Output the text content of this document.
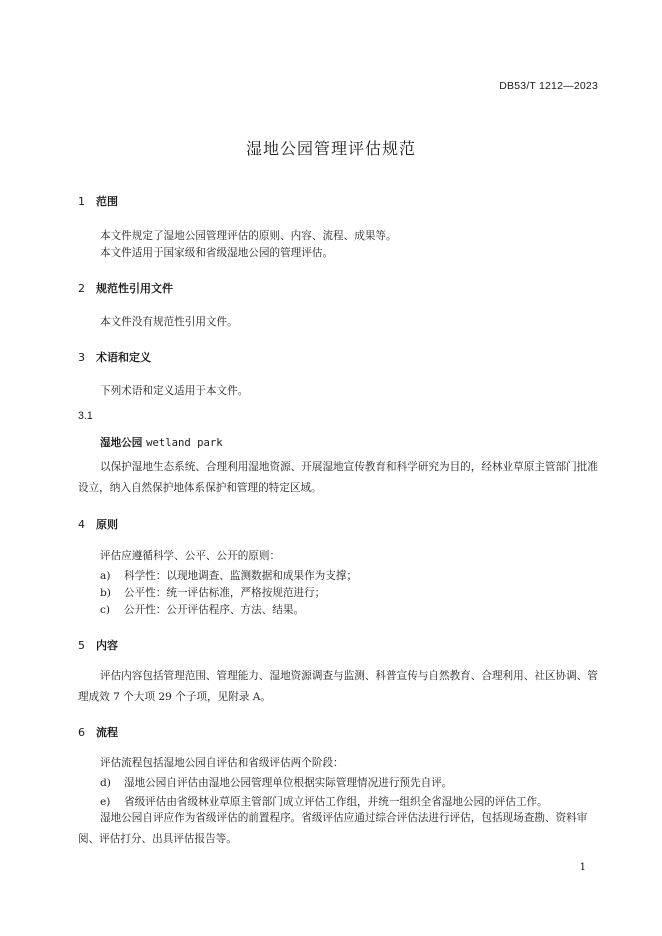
DB53/T 1212—2023
湿地公园管理评估规范
1 范围
本文件规定了湿地公园管理评估的原则、内容、流程、成果等。
本文件适用于国家级和省级湿地公园的管理评估。
2 规范性引用文件
本文件没有规范性引用文件。
3 术语和定义
下列术语和定义适用于本文件。
3.1
湿地公园 wetland park
以保护湿地生态系统、合理利用湿地资源、开展湿地宣传教育和科学研究为目的，经林业草原主管部门批准设立，纳入自然保护地体系保护和管理的特定区域。
4 原则
评估应遵循科学、公平、公开的原则：
a) 科学性：以现地调查、监测数据和成果作为支撑；
b) 公平性：统一评估标准，严格按规范进行；
c) 公开性：公开评估程序、方法、结果。
5 内容
评估内容包括管理范围、管理能力、湿地资源调查与监测、科普宣传与自然教育、合理利用、社区协调、管理成效 7 个大项 29 个子项，见附录 A。
6 流程
评估流程包括湿地公园自评估和省级评估两个阶段：
d) 湿地公园自评估由湿地公园管理单位根据实际管理情况进行预先自评。
e) 省级评估由省级林业草原主管部门成立评估工作组，并统一组织全省湿地公园的评估工作。
湿地公园自评应作为省级评估的前置程序。省级评估应通过综合评估法进行评估，包括现场查勘、资料审阅、评估打分、出具评估报告等。
1
